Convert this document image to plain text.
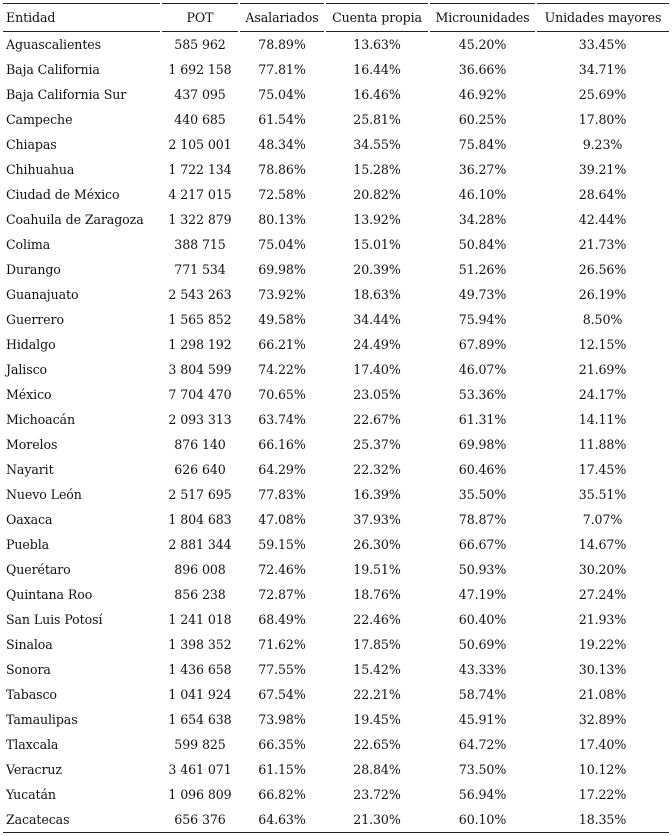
Entidad	POT	Asalariados	Cuenta propia	Microunidades	Unidades mayores
Aguascalientes	585 962	78.89%	13.63%	45.20%	33.45%
Baja California	1 692 158	77.81%	16.44%	36.66%	34.71%
Baja California Sur	437 095	75.04%	16.46%	46.92%	25.69%
Campeche	440 685	61.54%	25.81%	60.25%	17.80%
Chiapas	2 105 001	48.34%	34.55%	75.84%	9.23%
Chihuahua	1 722 134	78.86%	15.28%	36.27%	39.21%
Ciudad de México	4 217 015	72.58%	20.82%	46.10%	28.64%
Coahuila de Zaragoza	1 322 879	80.13%	13.92%	34.28%	42.44%
Colima	388 715	75.04%	15.01%	50.84%	21.73%
Durango	771 534	69.98%	20.39%	51.26%	26.56%
Guanajuato	2 543 263	73.92%	18.63%	49.73%	26.19%
Guerrero	1 565 852	49.58%	34.44%	75.94%	8.50%
Hidalgo	1 298 192	66.21%	24.49%	67.89%	12.15%
Jalisco	3 804 599	74.22%	17.40%	46.07%	21.69%
México	7 704 470	70.65%	23.05%	53.36%	24.17%
Michoacán	2 093 313	63.74%	22.67%	61.31%	14.11%
Morelos	876 140	66.16%	25.37%	69.98%	11.88%
Nayarit	626 640	64.29%	22.32%	60.46%	17.45%
Nuevo León	2 517 695	77.83%	16.39%	35.50%	35.51%
Oaxaca	1 804 683	47.08%	37.93%	78.87%	7.07%
Puebla	2 881 344	59.15%	26.30%	66.67%	14.67%
Querétaro	896 008	72.46%	19.51%	50.93%	30.20%
Quintana Roo	856 238	72.87%	18.76%	47.19%	27.24%
San Luis Potosí	1 241 018	68.49%	22.46%	60.40%	21.93%
Sinaloa	1 398 352	71.62%	17.85%	50.69%	19.22%
Sonora	1 436 658	77.55%	15.42%	43.33%	30.13%
Tabasco	1 041 924	67.54%	22.21%	58.74%	21.08%
Tamaulipas	1 654 638	73.98%	19.45%	45.91%	32.89%
Tlaxcala	599 825	66.35%	22.65%	64.72%	17.40%
Veracruz	3 461 071	61.15%	28.84%	73.50%	10.12%
Yucatán	1 096 809	66.82%	23.72%	56.94%	17.22%
Zacatecas	656 376	64.63%	21.30%	60.10%	18.35%
